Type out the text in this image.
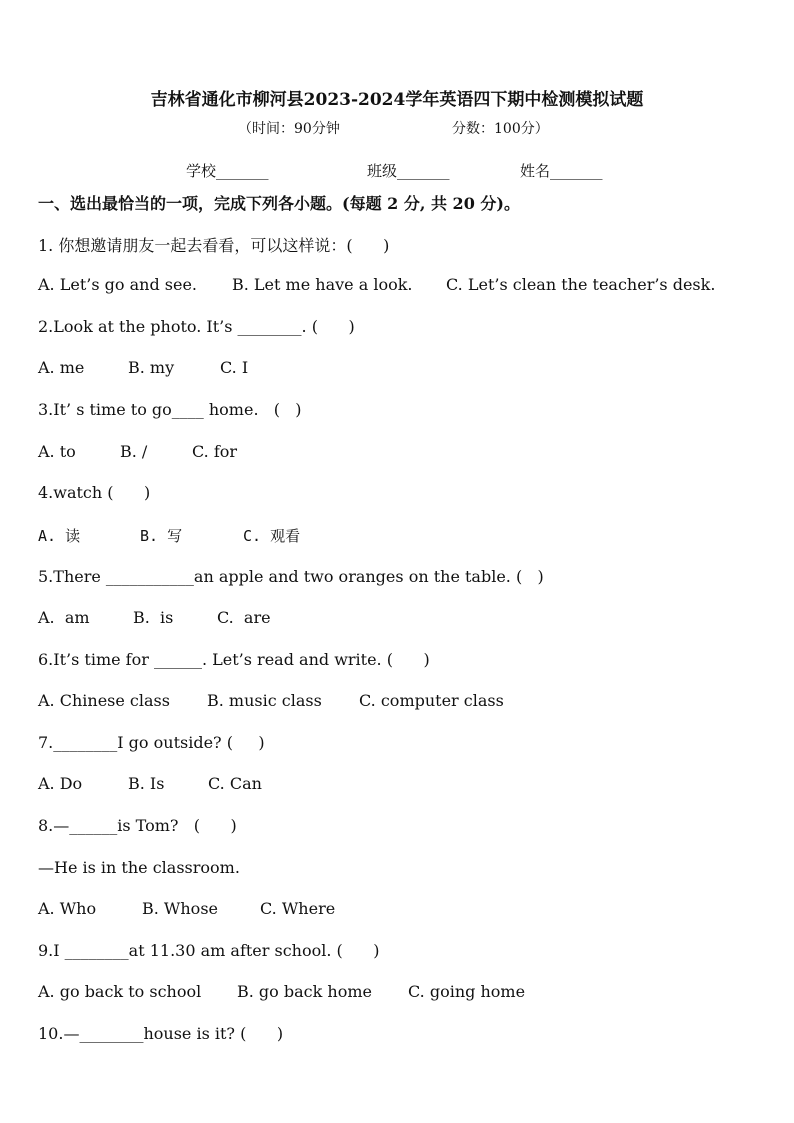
吉林省通化市柳河县2023-2024学年英语四下期中检测模拟试题
（时间：90分钟	分数：100分）
学校_______	班级_______	姓名_______
一、选出最恰当的一项，完成下列各小题。(每题 2 分, 共 20 分)。
1. 你想邀请朋友一起去看看，可以这样说：(      )
A. Let’s go and see. B. Let me have a look. C. Let’s clean the teacher’s desk.
2.Look at the photo. It’s ________. (      )
A. me	B. my	C. I
3.It’ s time to go____ home.   (   )
A. to	B. /	C. for
4.watch (      )
A. 读	B. 写	C. 观看
5.There ___________an apple and two oranges on the table. (   )
A.  am	B.  is	C.  are
6.It’s time for ______. Let’s read and write. (      )
A. Chinese class B. music class C. computer class
7.________I go outside? (     )
A. Do	B. Is	C. Can
8.—______is Tom?   (      )
—He is in the classroom.
A. Who	B. Whose	C. Where
9.I ________at 11.30 am after school. (      )
A. go back to school B. go back home C. going home
10.—________house is it? (      )
